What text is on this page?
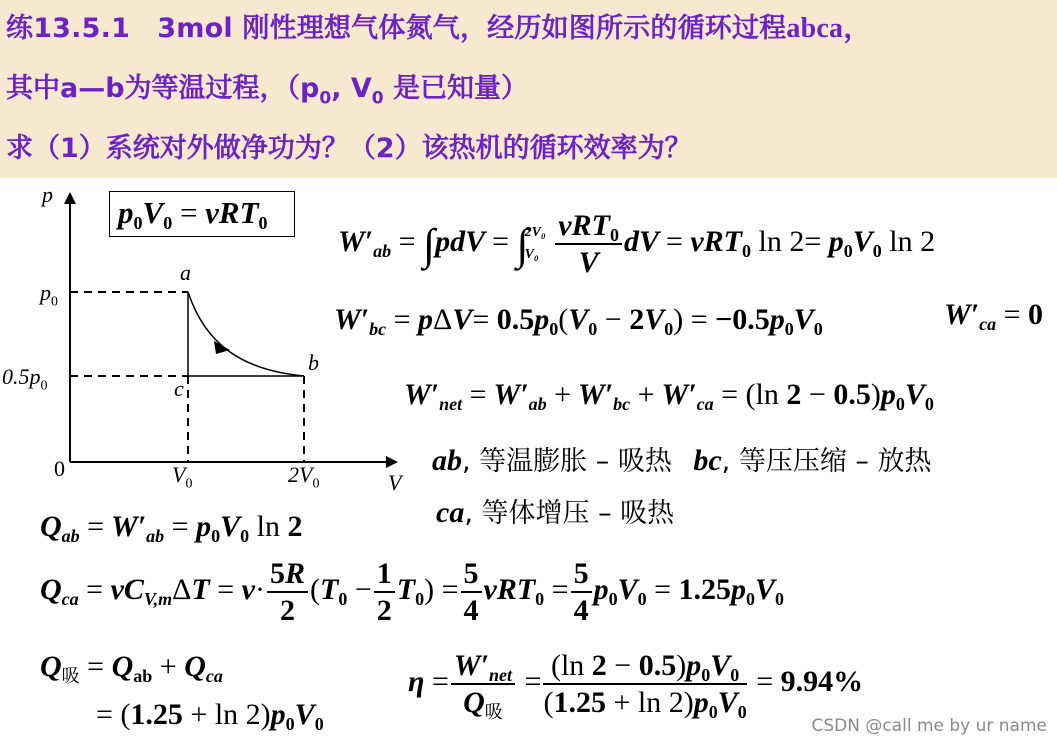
练13.5.1　3mol 刚性理想气体氮气，经历如图所示的循环过程abca，
其中a—b为等温过程，（$p_0$, $V_0$ 是已知量）
求（1）系统对外做净功为？（2）该热机的循环效率为？
p
V
0
$p_0$
$0.5p_0$
$V_0$	$2V_0$
a
b
c
$p_0V_0 = \nu RT_0$
$W'_{ab} = \int pdV$ = ∫
2V₀
V₀
$\frac{\nu RT_0}{V}$ dV = νRT$_0$ $\ln 2= p_0V_0$ ln 2
$W'_{bc} = p\Delta V= 0.5p_0(V_0 - 2V_0) = -0.5p_0V_0$	$W'_{ca} = 0$
$W'_{net} = W'_{ab} + W'_{bc} + W'_{ca} = (\ln$ $2 - 0.5)p_0V_0$
ab, 等温膨胀 – 吸热 bc, 等压压缩 – 放热
ca, 等体增压 – 吸热
$Q_{ab} = W'_{ab} = p_0V_0$ ln 2
$Q_{ca} = \nu C_{V,m}\Delta T = \nu\cdot \frac{5R}{2} (T_0 - \frac{1}{2} T_0) = \frac{5}{4} \nu RT_0 = \frac{5}{4} p_0V_0 = 1.25p_0V_0$
$Q_吸 = Q_{ab} + Q_{ca}$
= $(1.25 + \ln 2)p_0V_0$
$\eta = \frac{W'_{net}}{Q_吸} = \frac{(\ln 2 - 0.5)p_0V_0}{(1.25 + \ln 2)p_0V_0} = 9.94\%$
CSDN @call me by ur name
